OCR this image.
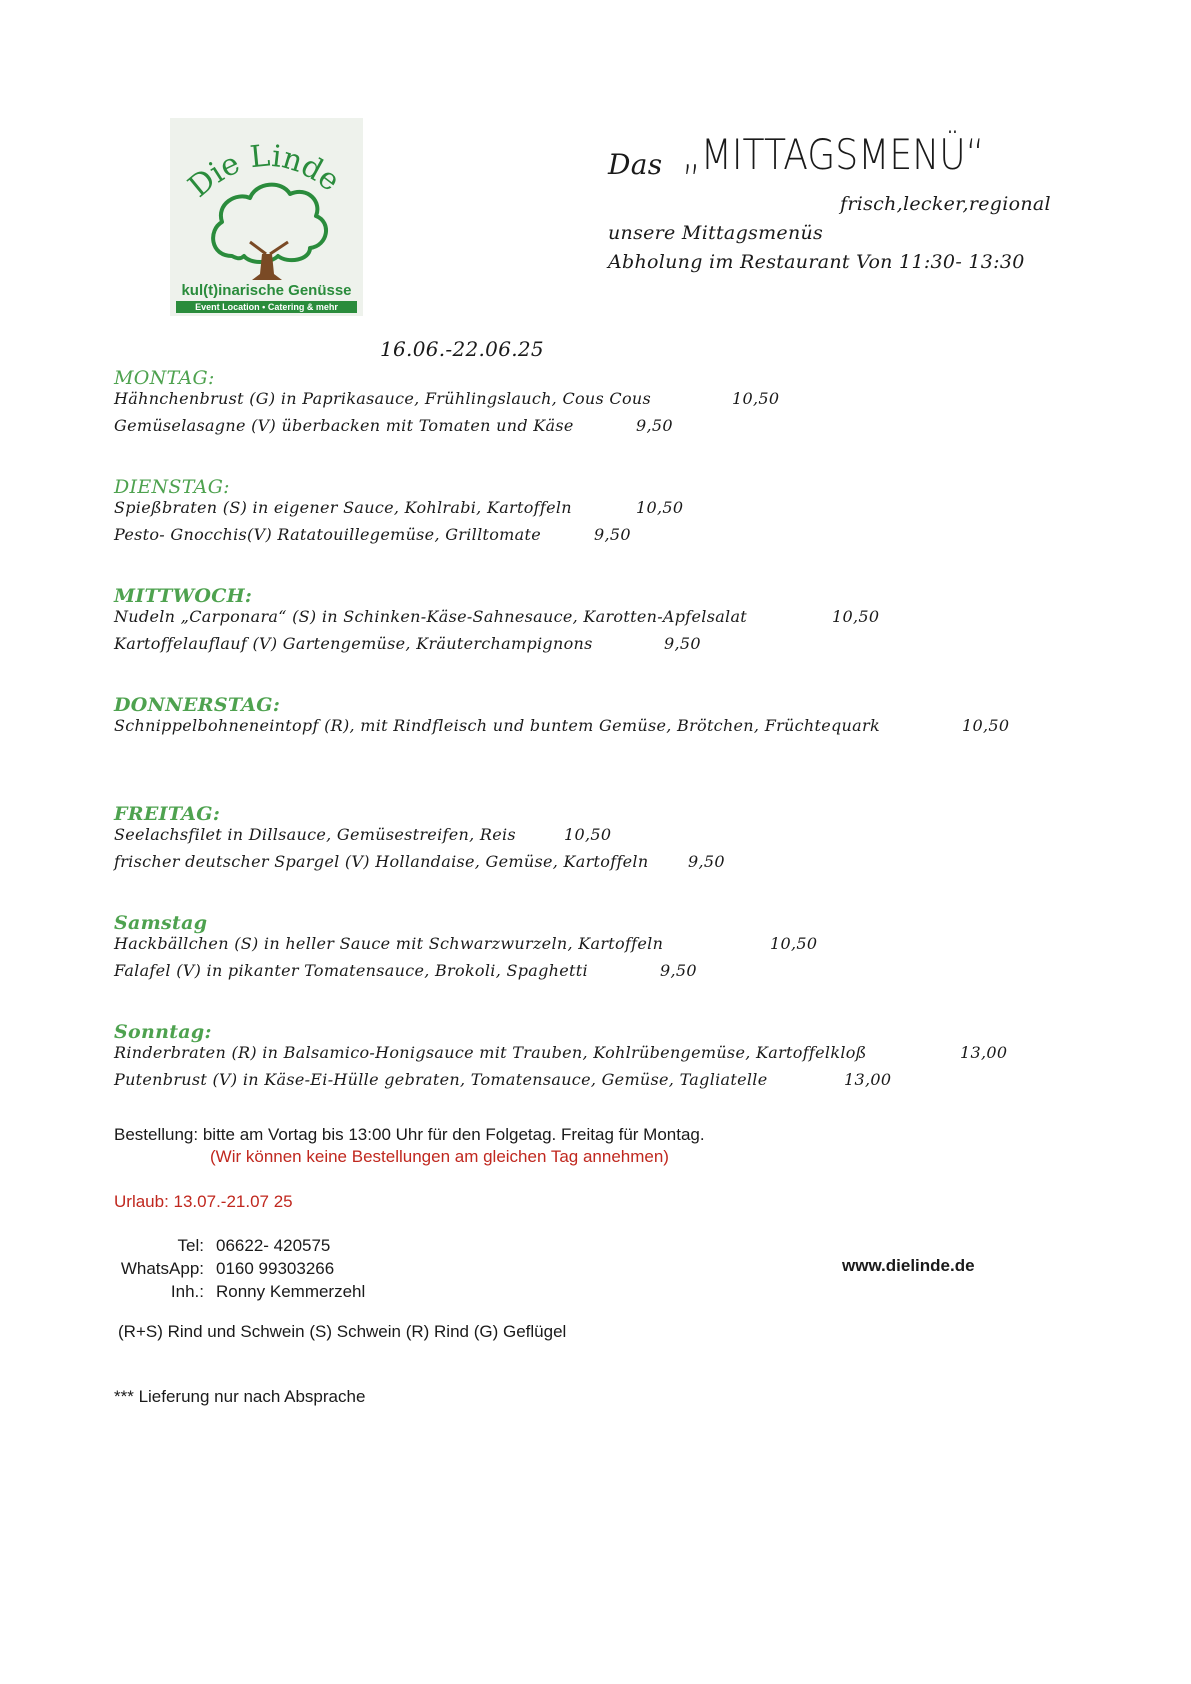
Die Linde
kul(t)inarische Genüsse
Event Location • Catering & mehr
Das „MITTAGSMENÜ“
frisch,lecker,regional
unsere Mittagsmenüs
Abholung im Restaurant Von 11:30- 13:30
16.06.-22.06.25
MONTAG:
Hähnchenbrust (G) in Paprikasauce, Frühlingslauch, Cous Cous	10,50
Gemüselasagne (V) überbacken mit Tomaten und Käse	9,50
DIENSTAG:
Spießbraten (S) in eigener Sauce, Kohlrabi, Kartoffeln	10,50
Pesto- Gnocchis(V) Ratatouillegemüse, Grilltomate	9,50
MITTWOCH:
Nudeln „Carponara“ (S) in Schinken-Käse-Sahnesauce, Karotten-Apfelsalat	10,50
Kartoffelauflauf (V) Gartengemüse, Kräuterchampignons	9,50
DONNERSTAG:
Schnippelbohneneintopf (R), mit Rindfleisch und buntem Gemüse, Brötchen, Früchtequark	10,50
FREITAG:
Seelachsfilet in Dillsauce, Gemüsestreifen, Reis	10,50
frischer deutscher Spargel (V) Hollandaise, Gemüse, Kartoffeln 9,50
Samstag
Hackbällchen (S) in heller Sauce mit Schwarzwurzeln, Kartoffeln	10,50
Falafel (V) in pikanter Tomatensauce, Brokoli, Spaghetti	9,50
Sonntag:
Rinderbraten (R) in Balsamico-Honigsauce mit Trauben, Kohlrübengemüse, Kartoffelkloß	13,00
Putenbrust (V) in Käse-Ei-Hülle gebraten, Tomatensauce, Gemüse, Tagliatelle	13,00
Bestellung: bitte am Vortag bis 13:00 Uhr für den Folgetag. Freitag für Montag.
(Wir können keine Bestellungen am gleichen Tag annehmen)
Urlaub: 13.07.-21.07 25
Tel: 06622- 420575
WhatsApp: 0160 99303266
Inh.: Ronny Kemmerzehl
www.dielinde.de
(R+S) Rind und Schwein (S) Schwein (R) Rind (G) Geflügel
*** Lieferung nur nach Absprache
